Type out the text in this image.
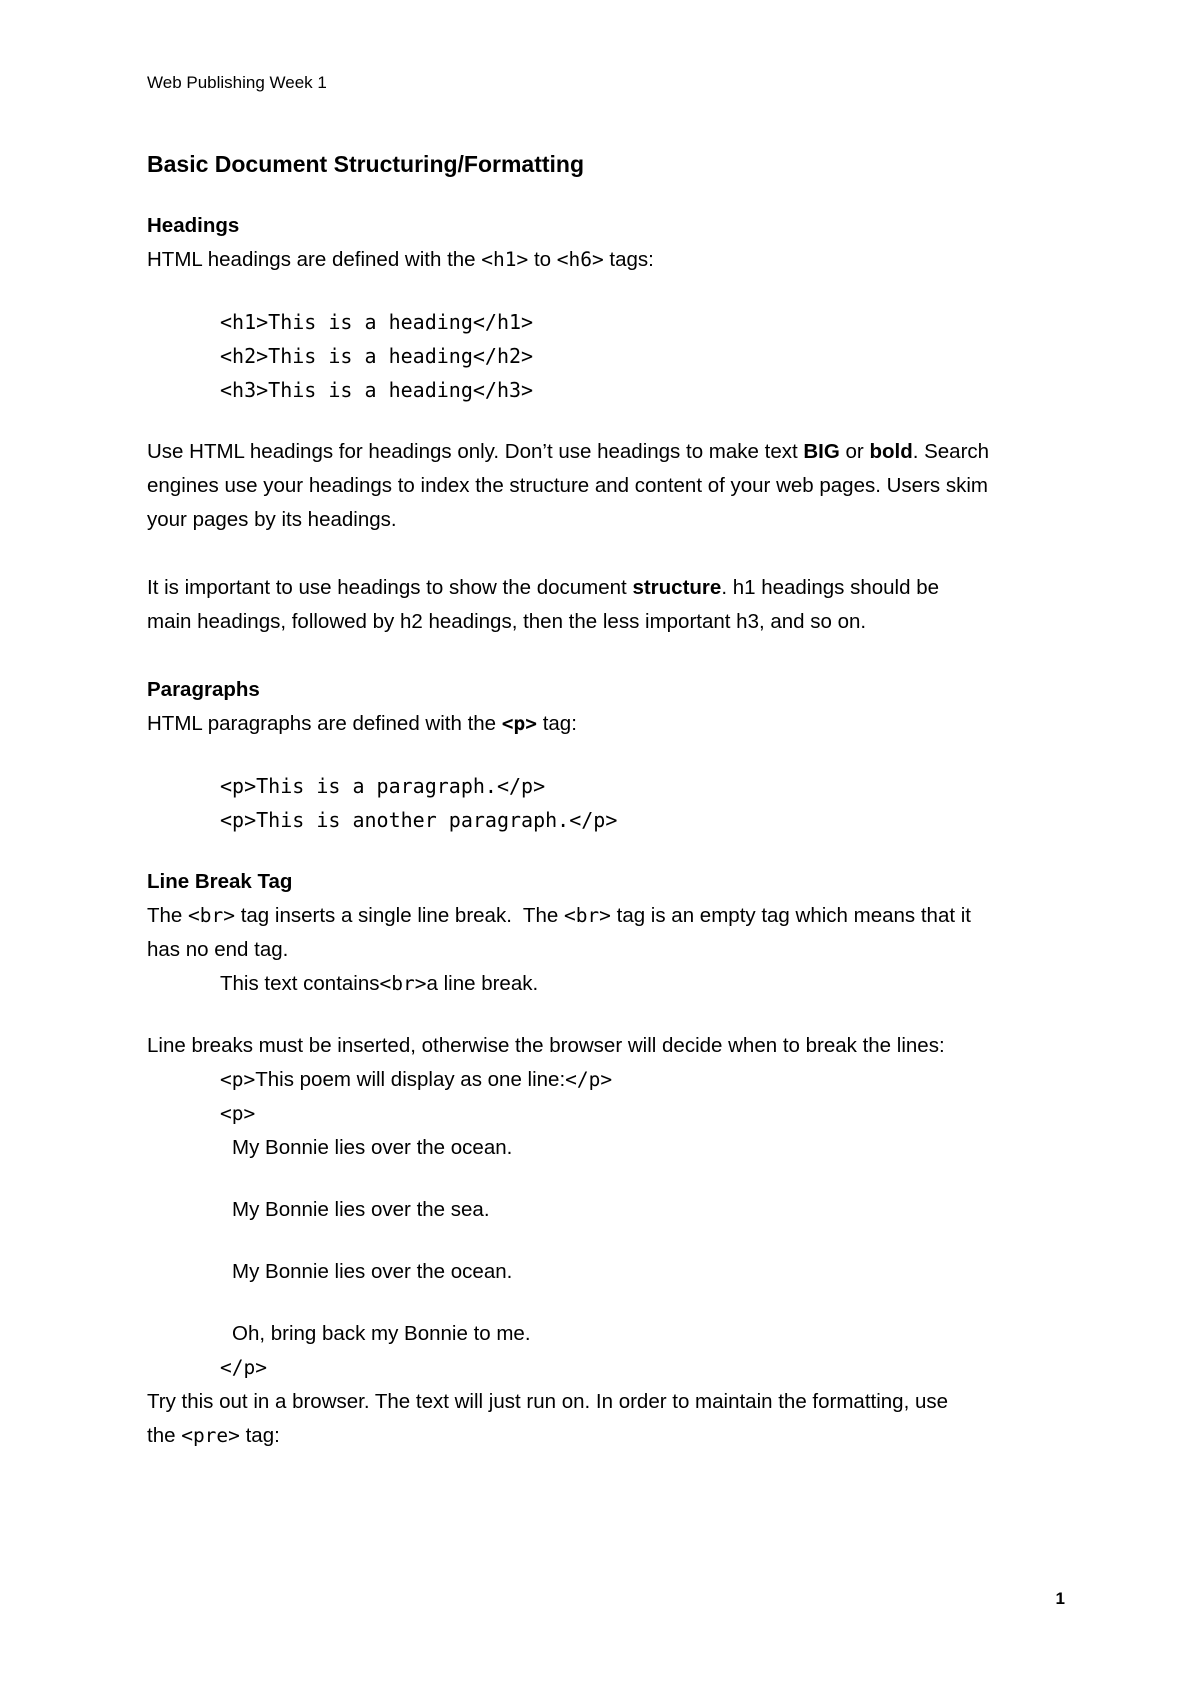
Web Publishing Week 1

Basic Document Structuring/Formatting

Headings

HTML headings are defined with the <h1> to <h6> tags:

<h1>This is a heading</h1>
<h2>This is a heading</h2>
<h3>This is a heading</h3>

Use HTML headings for headings only. Don’t use headings to make text BIG or bold. Search

engines use your headings to index the structure and content of your web pages. Users skim

your pages by its headings.

It is important to use headings to show the document structure. h1 headings should be

main headings, followed by h2 headings, then the less important h3, and so on.

Paragraphs

HTML paragraphs are defined with the <p> tag:

<p>This is a paragraph.</p>
<p>This is another paragraph.</p>

Line Break Tag

The <br> tag inserts a single line break.  The <br> tag is an empty tag which means that it

has no end tag.

This text contains<br>a line break.

Line breaks must be inserted, otherwise the browser will decide when to break the lines:

<p>This poem will display as one line:</p>

<p>

My Bonnie lies over the ocean.

My Bonnie lies over the sea.

My Bonnie lies over the ocean.

Oh, bring back my Bonnie to me.

</p>

Try this out in a browser. The text will just run on. In order to maintain the formatting, use

the <pre> tag:

1
